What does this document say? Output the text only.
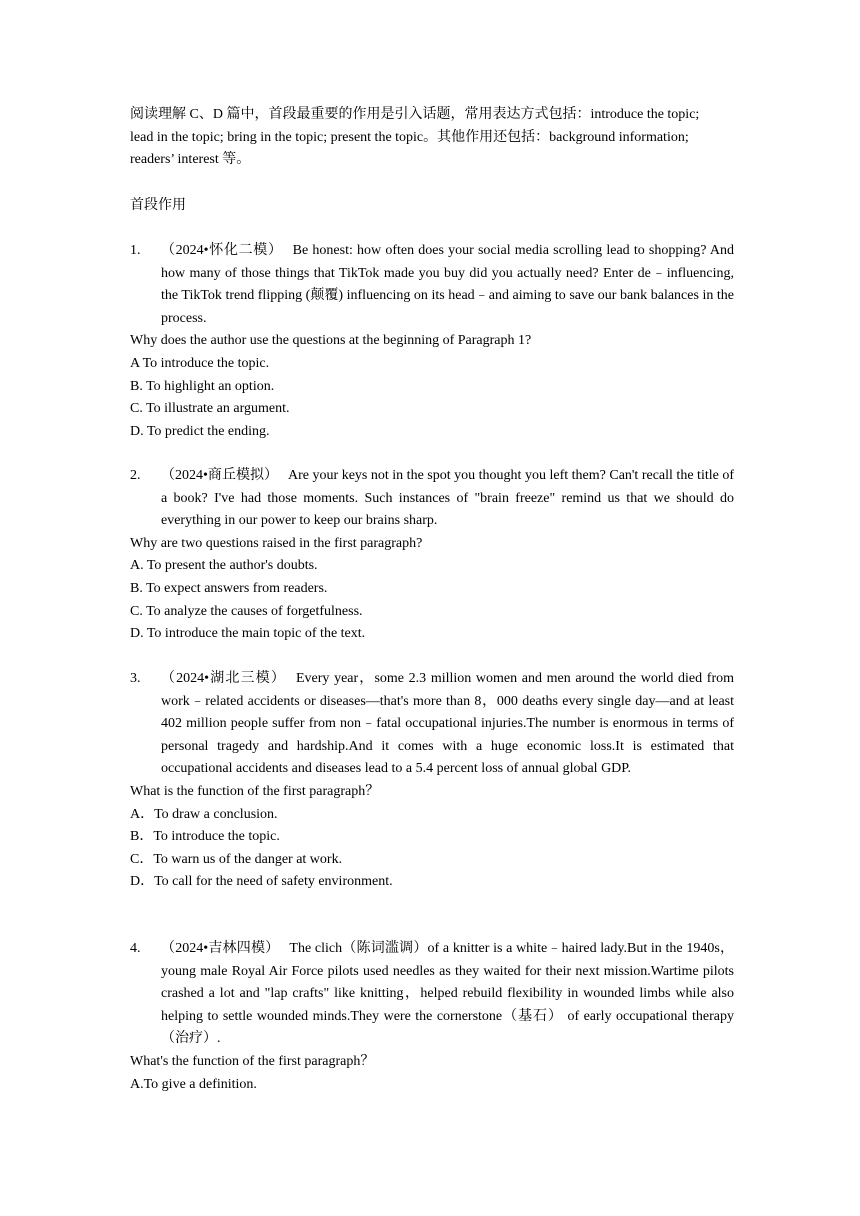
阅读理解 C、D 篇中，首段最重要的作用是引入话题，常用表达方式包括：introduce the topic;
lead in the topic; bring in the topic; present the topic。其他作用还包括：background information;
readers’ interest 等。
首段作用
1. （2024•怀化二模） Be honest: how often does your social media scrolling lead to shopping? And how many of those things that TikTok made you buy did you actually need? Enter de﹣influencing, the TikTok trend flipping (颠覆) influencing on its head﹣and aiming to save our bank balances in the process.
Why does the author use the questions at the beginning of Paragraph 1?
A To introduce the topic.
B. To highlight an option.
C. To illustrate an argument.
D. To predict the ending.
2. （2024•商丘模拟） Are your keys not in the spot you thought you left them? Can't recall the title of a book? I've had those moments. Such instances of "brain freeze" remind us that we should do everything in our power to keep our brains sharp.
Why are two questions raised in the first paragraph?
A. To present the author's doubts.
B. To expect answers from readers.
C. To analyze the causes of forgetfulness.
D. To introduce the main topic of the text.
3. （2024•湖北三模） Every year，some 2.3 million women and men around the world died from work﹣related accidents or diseases—that's more than 8，000 deaths every single day—and at least 402 million people suffer from non﹣fatal occupational injuries.The number is enormous in terms of personal tragedy and hardship.And it comes with a huge economic loss.It is estimated that occupational accidents and diseases lead to a 5.4 percent loss of annual global GDP.
What is the function of the first paragraph？
A．To draw a conclusion.
B．To introduce the topic.
C．To warn us of the danger at work.
D．To call for the need of safety environment.
4. （2024•吉林四模） The clich（陈词滥调）of a knitter is a white﹣haired lady.But in the 1940s， young male Royal Air Force pilots used needles as they waited for their next mission.Wartime pilots crashed a lot and "lap crafts" like knitting，helped rebuild flexibility in wounded limbs while also helping to settle wounded minds.They were the cornerstone（基石） of early occupational therapy（治疗）.
What's the function of the first paragraph？
A.To give a definition.
